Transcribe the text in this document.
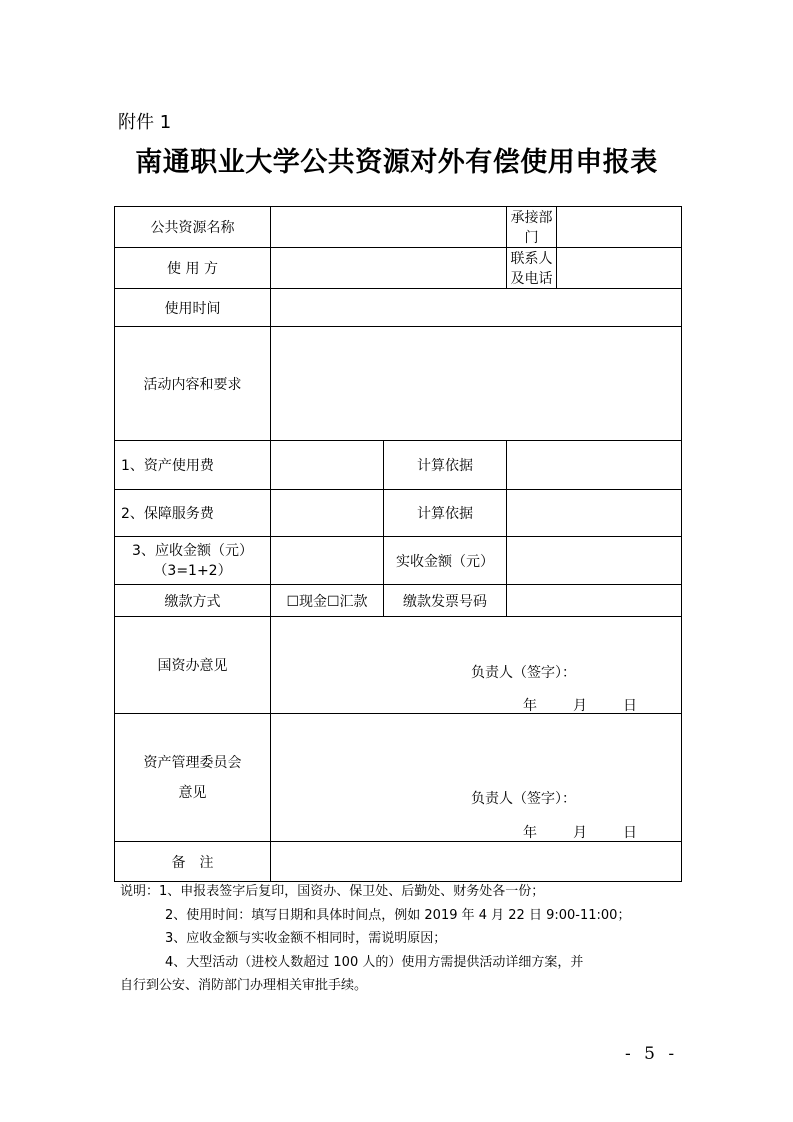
附件 1
南通职业大学公共资源对外有偿使用申报表
公共资源名称			承接部门	
使 用 方			联系人及电话	
使用时间				
活动内容和要求				
1、资产使用费		计算依据		
2、保障服务费		计算依据		

3、应收金额（元）
（3=1+2）		实收金额（元）		
缴款方式	☐现金☐汇款	缴款发票号码		
国资办意见	负责人（签字）：
年 月 日			

资产管理委员会
意见	负责人（签字）：
年 月 日			

备　注				
说明：1、申报表签字后复印，国资办、保卫处、后勤处、财务处各一份；
2、使用时间：填写日期和具体时间点，例如 2019 年 4 月 22 日 9:00-11:00；
3、应收金额与实收金额不相同时，需说明原因；
4、大型活动（进校人数超过 100 人的）使用方需提供活动详细方案，并
自行到公安、消防部门办理相关审批手续。
- 5 -
